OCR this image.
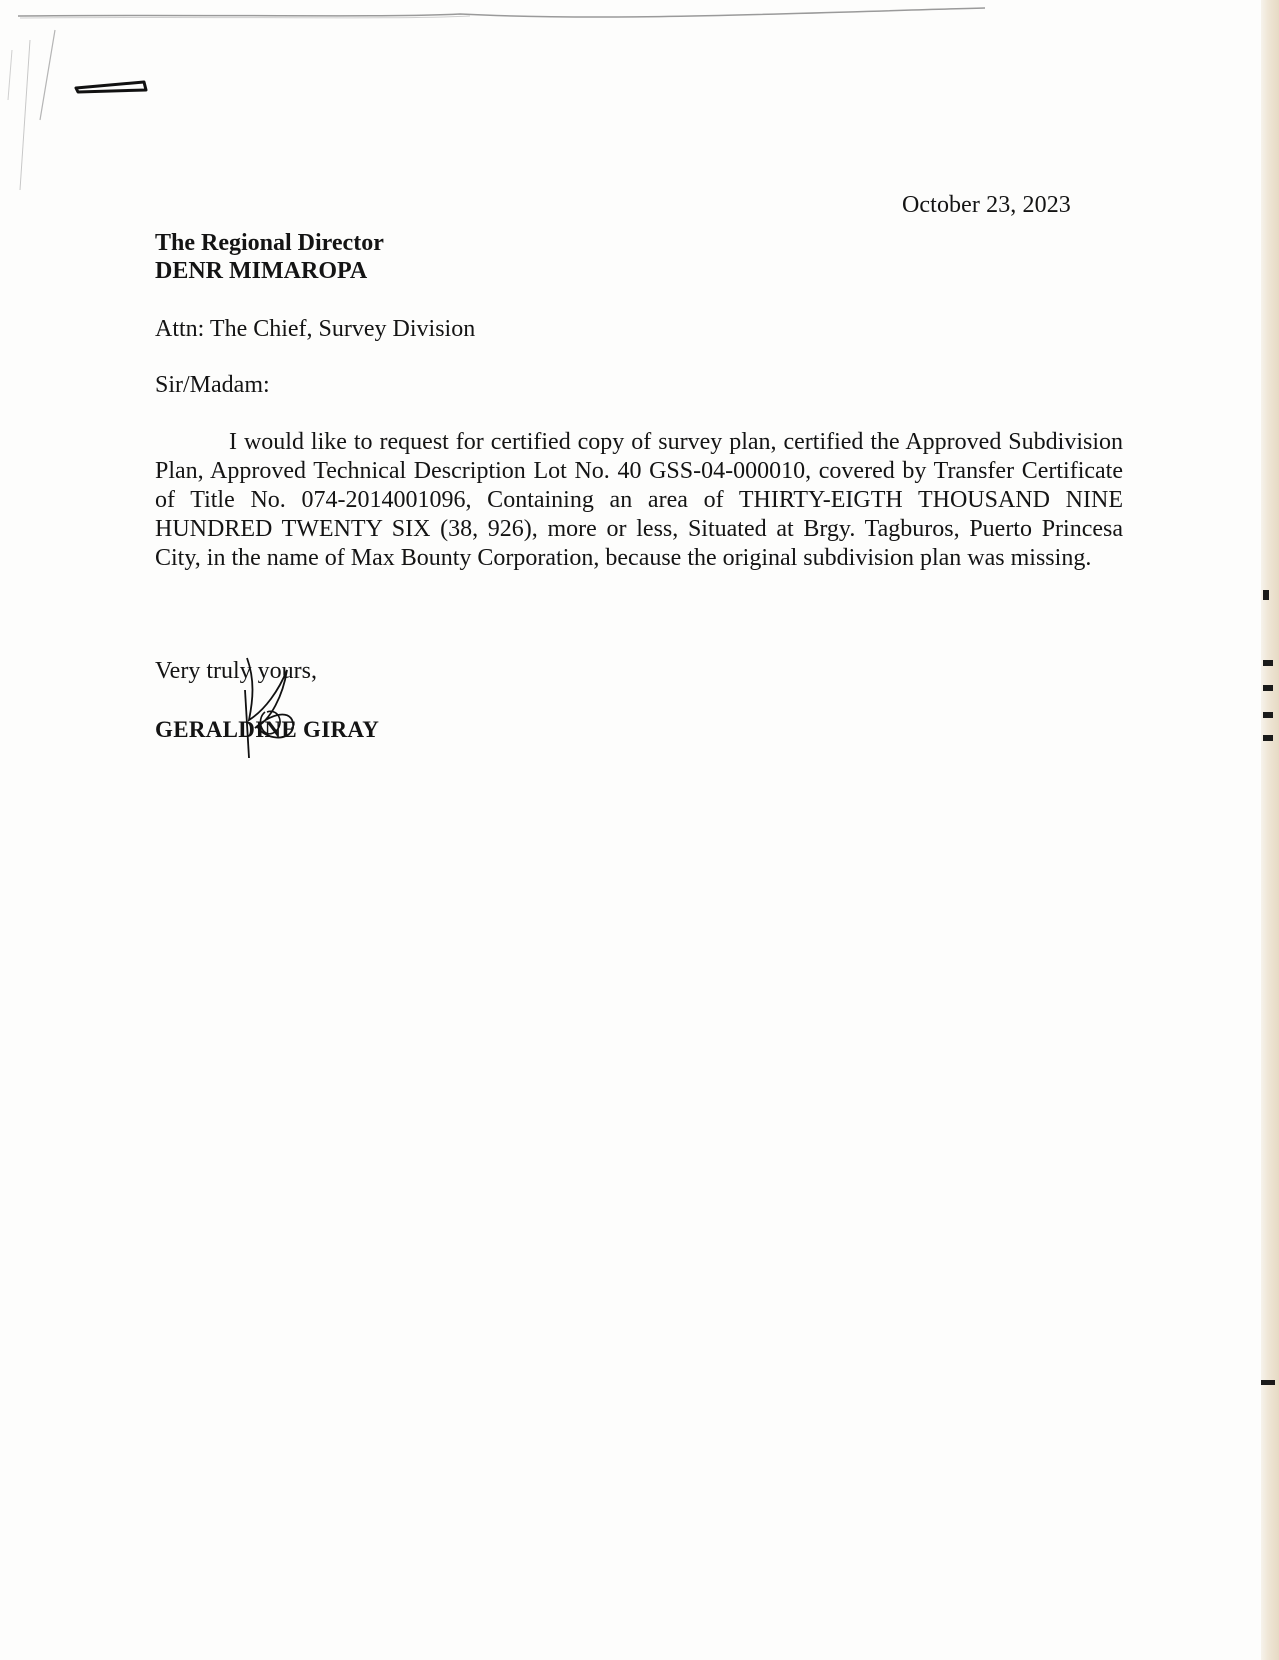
October 23, 2023
The Regional Director
DENR MIMAROPA
Attn: The Chief, Survey Division
Sir/Madam:
I would like to request for certified copy of survey plan, certified the Approved Subdivision Plan, Approved Technical Description Lot No. 40 GSS-04-000010, covered by Transfer Certificate of Title No. 074-2014001096, Containing an area of THIRTY-EIGTH THOUSAND NINE HUNDRED TWENTY SIX (38, 926), more or less, Situated at Brgy. Tagburos, Puerto Princesa City, in the name of Max Bounty Corporation, because the original subdivision plan was missing.
Very truly yours,
GERALDINE GIRAY
